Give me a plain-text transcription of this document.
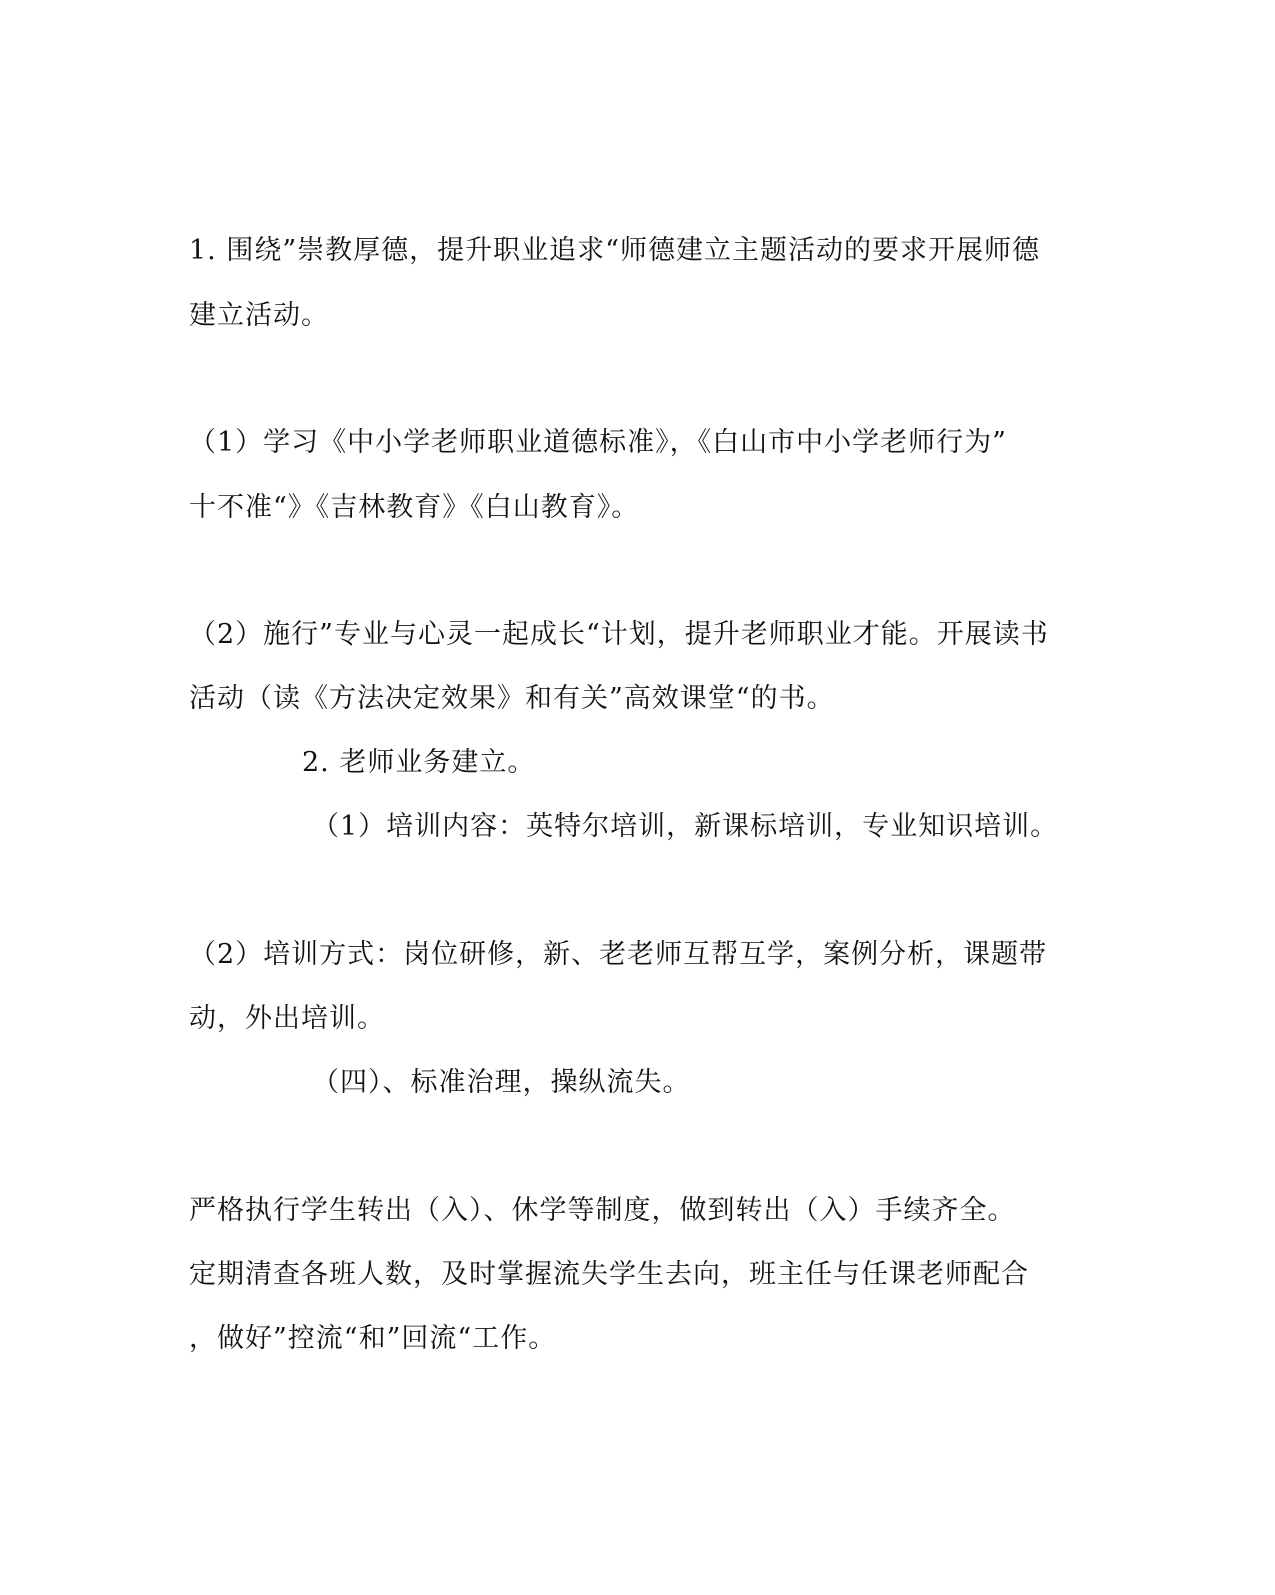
1. 围绕”崇教厚德，提升职业追求“师德建立主题活动的要求开展师德
建立活动。
（1）学习《中小学老师职业道德标准》，《白山市中小学老师行为”
十不准“》《吉林教育》《白山教育》。
（2）施行”专业与心灵一起成长“计划，提升老师职业才能。开展读书
活动（读《方法决定效果》和有关”高效课堂“的书。
2. 老师业务建立。
（1）培训内容：英特尔培训，新课标培训，专业知识培训。
（2）培训方式：岗位研修，新、老老师互帮互学，案例分析，课题带
动，外出培训。
（四）、标准治理，操纵流失。
严格执行学生转出（入）、休学等制度，做到转出（入）手续齐全。
定期清查各班人数，及时掌握流失学生去向，班主任与任课老师配合
，做好”控流“和”回流“工作。
